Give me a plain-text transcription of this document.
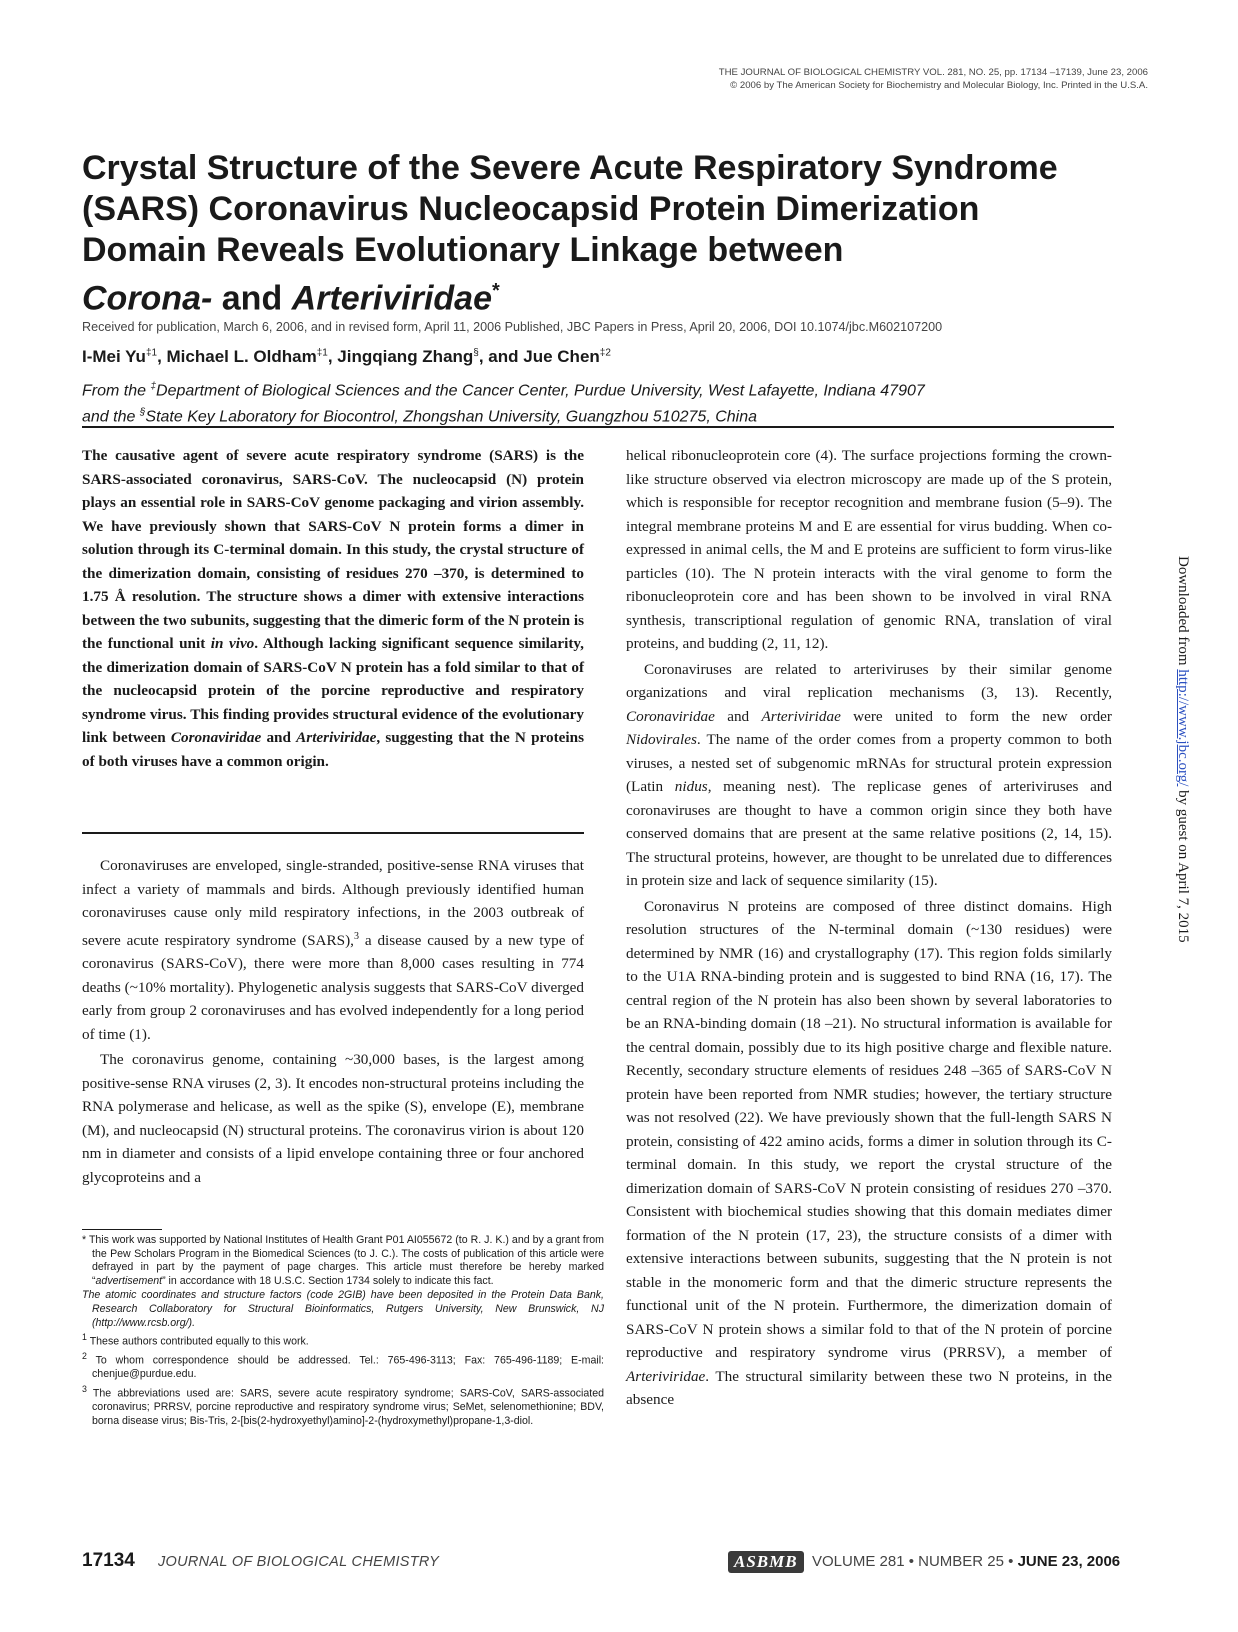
THE JOURNAL OF BIOLOGICAL CHEMISTRY VOL. 281, NO. 25, pp. 17134 –17139, June 23, 2006
© 2006 by The American Society for Biochemistry and Molecular Biology, Inc. Printed in the U.S.A.
Crystal Structure of the Severe Acute Respiratory Syndrome
(SARS) Coronavirus Nucleocapsid Protein Dimerization
Domain Reveals Evolutionary Linkage between
Corona- and Arteriviridae*
Received for publication, March 6, 2006, and in revised form, April 11, 2006 Published, JBC Papers in Press, April 20, 2006, DOI 10.1074/jbc.M602107200
I-Mei Yu$^{\ddagger 1}$, Michael L. Oldham$^{\ddagger 1}$, Jingqiang Zhang§, and Jue Chen$^{\ddagger 2}$
From the ‡Department of Biological Sciences and the Cancer Center, Purdue University, West Lafayette, Indiana 47907
and the §State Key Laboratory for Biocontrol, Zhongshan University, Guangzhou 510275, China

The causative agent of severe acute respiratory syndrome (SARS) is the SARS-associated coronavirus, SARS-CoV. The nucleocapsid (N) protein plays an essential role in SARS-CoV genome packaging and virion assembly. We have previously shown that SARS-CoV N protein forms a dimer in solution through its C-terminal domain. In this study, the crystal structure of the dimerization domain, consisting of residues 270 –370, is determined to 1.75 Å resolution. The structure shows a dimer with extensive interactions between the two subunits, suggesting that the dimeric form of the N protein is the functional unit in vivo. Although lacking significant sequence similarity, the dimerization domain of SARS-CoV N protein has a fold similar to that of the nucleocapsid protein of the porcine reproductive and respiratory syndrome virus. This finding provides structural evidence of the evolutionary link between Coronaviridae and Arteriviridae, suggesting that the N proteins of both viruses have a common origin.

Coronaviruses are enveloped, single-stranded, positive-sense RNA viruses that infect a variety of mammals and birds. Although previously identified human coronaviruses cause only mild respiratory infections, in the 2003 outbreak of severe acute respiratory syndrome (SARS),$^3$ a disease caused by a new type of coronavirus (SARS-CoV), there were more than 8,000 cases resulting in 774 deaths (~10% mortality). Phylogenetic analysis suggests that SARS-CoV diverged early from group 2 coronaviruses and has evolved independently for a long period of time (1).

The coronavirus genome, containing ~30,000 bases, is the largest among positive-sense RNA viruses (2, 3). It encodes non-structural proteins including the RNA polymerase and helicase, as well as the spike (S), envelope (E), membrane (M), and nucleocapsid (N) structural proteins. The coronavirus virion is about 120 nm in diameter and consists of a lipid envelope containing three or four anchored glycoproteins and a

* This work was supported by National Institutes of Health Grant P01 AI055672 (to R. J. K.) and by a grant from the Pew Scholars Program in the Biomedical Sciences (to J. C.). The costs of publication of this article were defrayed in part by the payment of page charges. This article must therefore be hereby marked “advertisement” in accordance with 18 U.S.C. Section 1734 solely to indicate this fact.

The atomic coordinates and structure factors (code 2GIB) have been deposited in the Protein Data Bank, Research Collaboratory for Structural Bioinformatics, Rutgers University, New Brunswick, NJ (http://www.rcsb.org/).

$^1$ These authors contributed equally to this work.

$^2$ To whom correspondence should be addressed. Tel.: 765-496-3113; Fax: 765-496-1189; E-mail: chenjue@purdue.edu.

$^3$ The abbreviations used are: SARS, severe acute respiratory syndrome; SARS-CoV, SARS-associated coronavirus; PRRSV, porcine reproductive and respiratory syndrome virus; SeMet, selenomethionine; BDV, borna disease virus; Bis-Tris, 2-[bis(2-hydroxyethyl)amino]-2-(hydroxymethyl)propane-1,3-diol.

helical ribonucleoprotein core (4). The surface projections forming the crown-like structure observed via electron microscopy are made up of the S protein, which is responsible for receptor recognition and membrane fusion (5–9). The integral membrane proteins M and E are essential for virus budding. When co-expressed in animal cells, the M and E proteins are sufficient to form virus-like particles (10). The N protein interacts with the viral genome to form the ribonucleoprotein core and has been shown to be involved in viral RNA synthesis, transcriptional regulation of genomic RNA, translation of viral proteins, and budding (2, 11, 12).

Coronaviruses are related to arteriviruses by their similar genome organizations and viral replication mechanisms (3, 13). Recently, Coronaviridae and Arteriviridae were united to form the new order Nidovirales. The name of the order comes from a property common to both viruses, a nested set of subgenomic mRNAs for structural protein expression (Latin nidus, meaning nest). The replicase genes of arteriviruses and coronaviruses are thought to have a common origin since they both have conserved domains that are present at the same relative positions (2, 14, 15). The structural proteins, however, are thought to be unrelated due to differences in protein size and lack of sequence similarity (15).

Coronavirus N proteins are composed of three distinct domains. High resolution structures of the N-terminal domain (~130 residues) were determined by NMR (16) and crystallography (17). This region folds similarly to the U1A RNA-binding protein and is suggested to bind RNA (16, 17). The central region of the N protein has also been shown by several laboratories to be an RNA-binding domain (18 –21). No structural information is available for the central domain, possibly due to its high positive charge and flexible nature. Recently, secondary structure elements of residues 248 –365 of SARS-CoV N protein have been reported from NMR studies; however, the tertiary structure was not resolved (22). We have previously shown that the full-length SARS N protein, consisting of 422 amino acids, forms a dimer in solution through its C-terminal domain. In this study, we report the crystal structure of the dimerization domain of SARS-CoV N protein consisting of residues 270 –370. Consistent with biochemical studies showing that this domain mediates dimer formation of the N protein (17, 23), the structure consists of a dimer with extensive interactions between subunits, suggesting that the N protein is not stable in the monomeric form and that the dimeric structure represents the functional unit of the N protein. Furthermore, the dimerization domain of SARS-CoV N protein shows a similar fold to that of the N protein of porcine reproductive and respiratory syndrome virus (PRRSV), a member of Arteriviridae. The structural similarity between these two N proteins, in the absence

Downloaded from http://www.jbc.org/ by guest on April 7, 2015
17134 JOURNAL OF BIOLOGICAL CHEMISTRY	ASBMB VOLUME 281 • NUMBER 25 • JUNE 23, 2006
